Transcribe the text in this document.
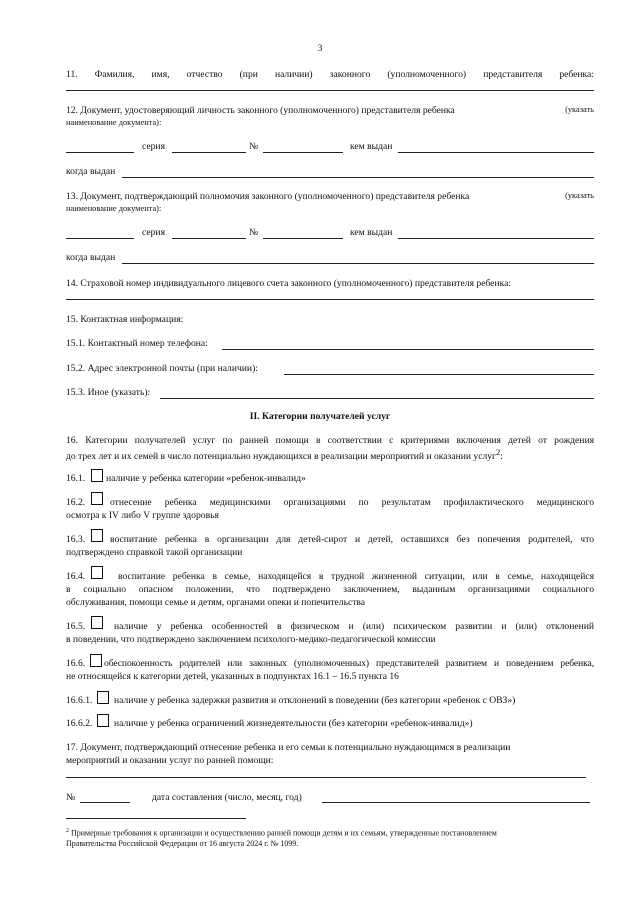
3
11. Фамилия, имя, отчество (при наличии) законного (уполномоченного) представителя ребенка:
12. Документ, удостоверяющий личность законного (уполномоченного) представителя ребенка	(указать
наименование документа):
серия	№	кем выдан
когда выдан
13. Документ, подтверждающий полномочия законного (уполномоченного) представителя ребенка	(указать
наименование документа):
серия	№	кем выдан
когда выдан
14. Страховой номер индивидуального лицевого счета законного (уполномоченного) представителя ребенка:
15. Контактная информация:
15.1. Контактный номер телефона:
15.2. Адрес электронной почты (при наличии):
15.3. Иное (указать):
II. Категории получателей услуг
16. Категории получателей услуг по ранней помощи в соответствии с критериями включения детей от рождения
до трех лет и их семей в число потенциально нуждающихся в реализации мероприятий и оказании услуг$^2$:
16.1. наличие у ребенка категории «ребенок-инвалид»
16.2.	отнесение ребенка медицинскими организациями по результатам профилактического медицинского
осмотра к IV либо V группе здоровья
16.3.	воспитание ребенка в организации для детей-сирот и детей, оставшихся без попечения родителей, что
подтверждено справкой такой организации
16.4.	воспитание ребенка в семье, находящейся в трудной жизненной ситуации, или в семье, находящейся
в социально опасном положении, что подтверждено заключением, выданным организациями социального
обслуживания, помощи семье и детям, органами опеки и попечительства
16.5.	наличие у ребенка особенностей в физическом и (или) психическом развитии и (или) отклонений
в поведении, что подтверждено заключением психолого-медико-педагогической комиссии
16.6. обеспокоенность родителей или законных (уполномоченных) представителей развитием и поведением ребенка,
не относящейся к категории детей, указанных в подпунктах 16.1 – 16.5 пункта 16
16.6.1. наличие у ребенка задержки развития и отклонений в поведении (без категории «ребенок с ОВЗ»)
16.6.2. наличие у ребенка ограничений жизнедеятельности (без категории «ребенок-инвалид»)
17. Документ, подтверждающий отнесение ребенка и его семьи к потенциально нуждающимся в реализации
мероприятий и оказании услуг по ранней помощи:
№	дата составления (число, месяц, год)
$^2$ Примерные требования к организации и осуществлению ранней помощи детям и их семьям, утвержденные постановлением
Правительства Российской Федерации от 16 августа 2024 г. № 1099.
